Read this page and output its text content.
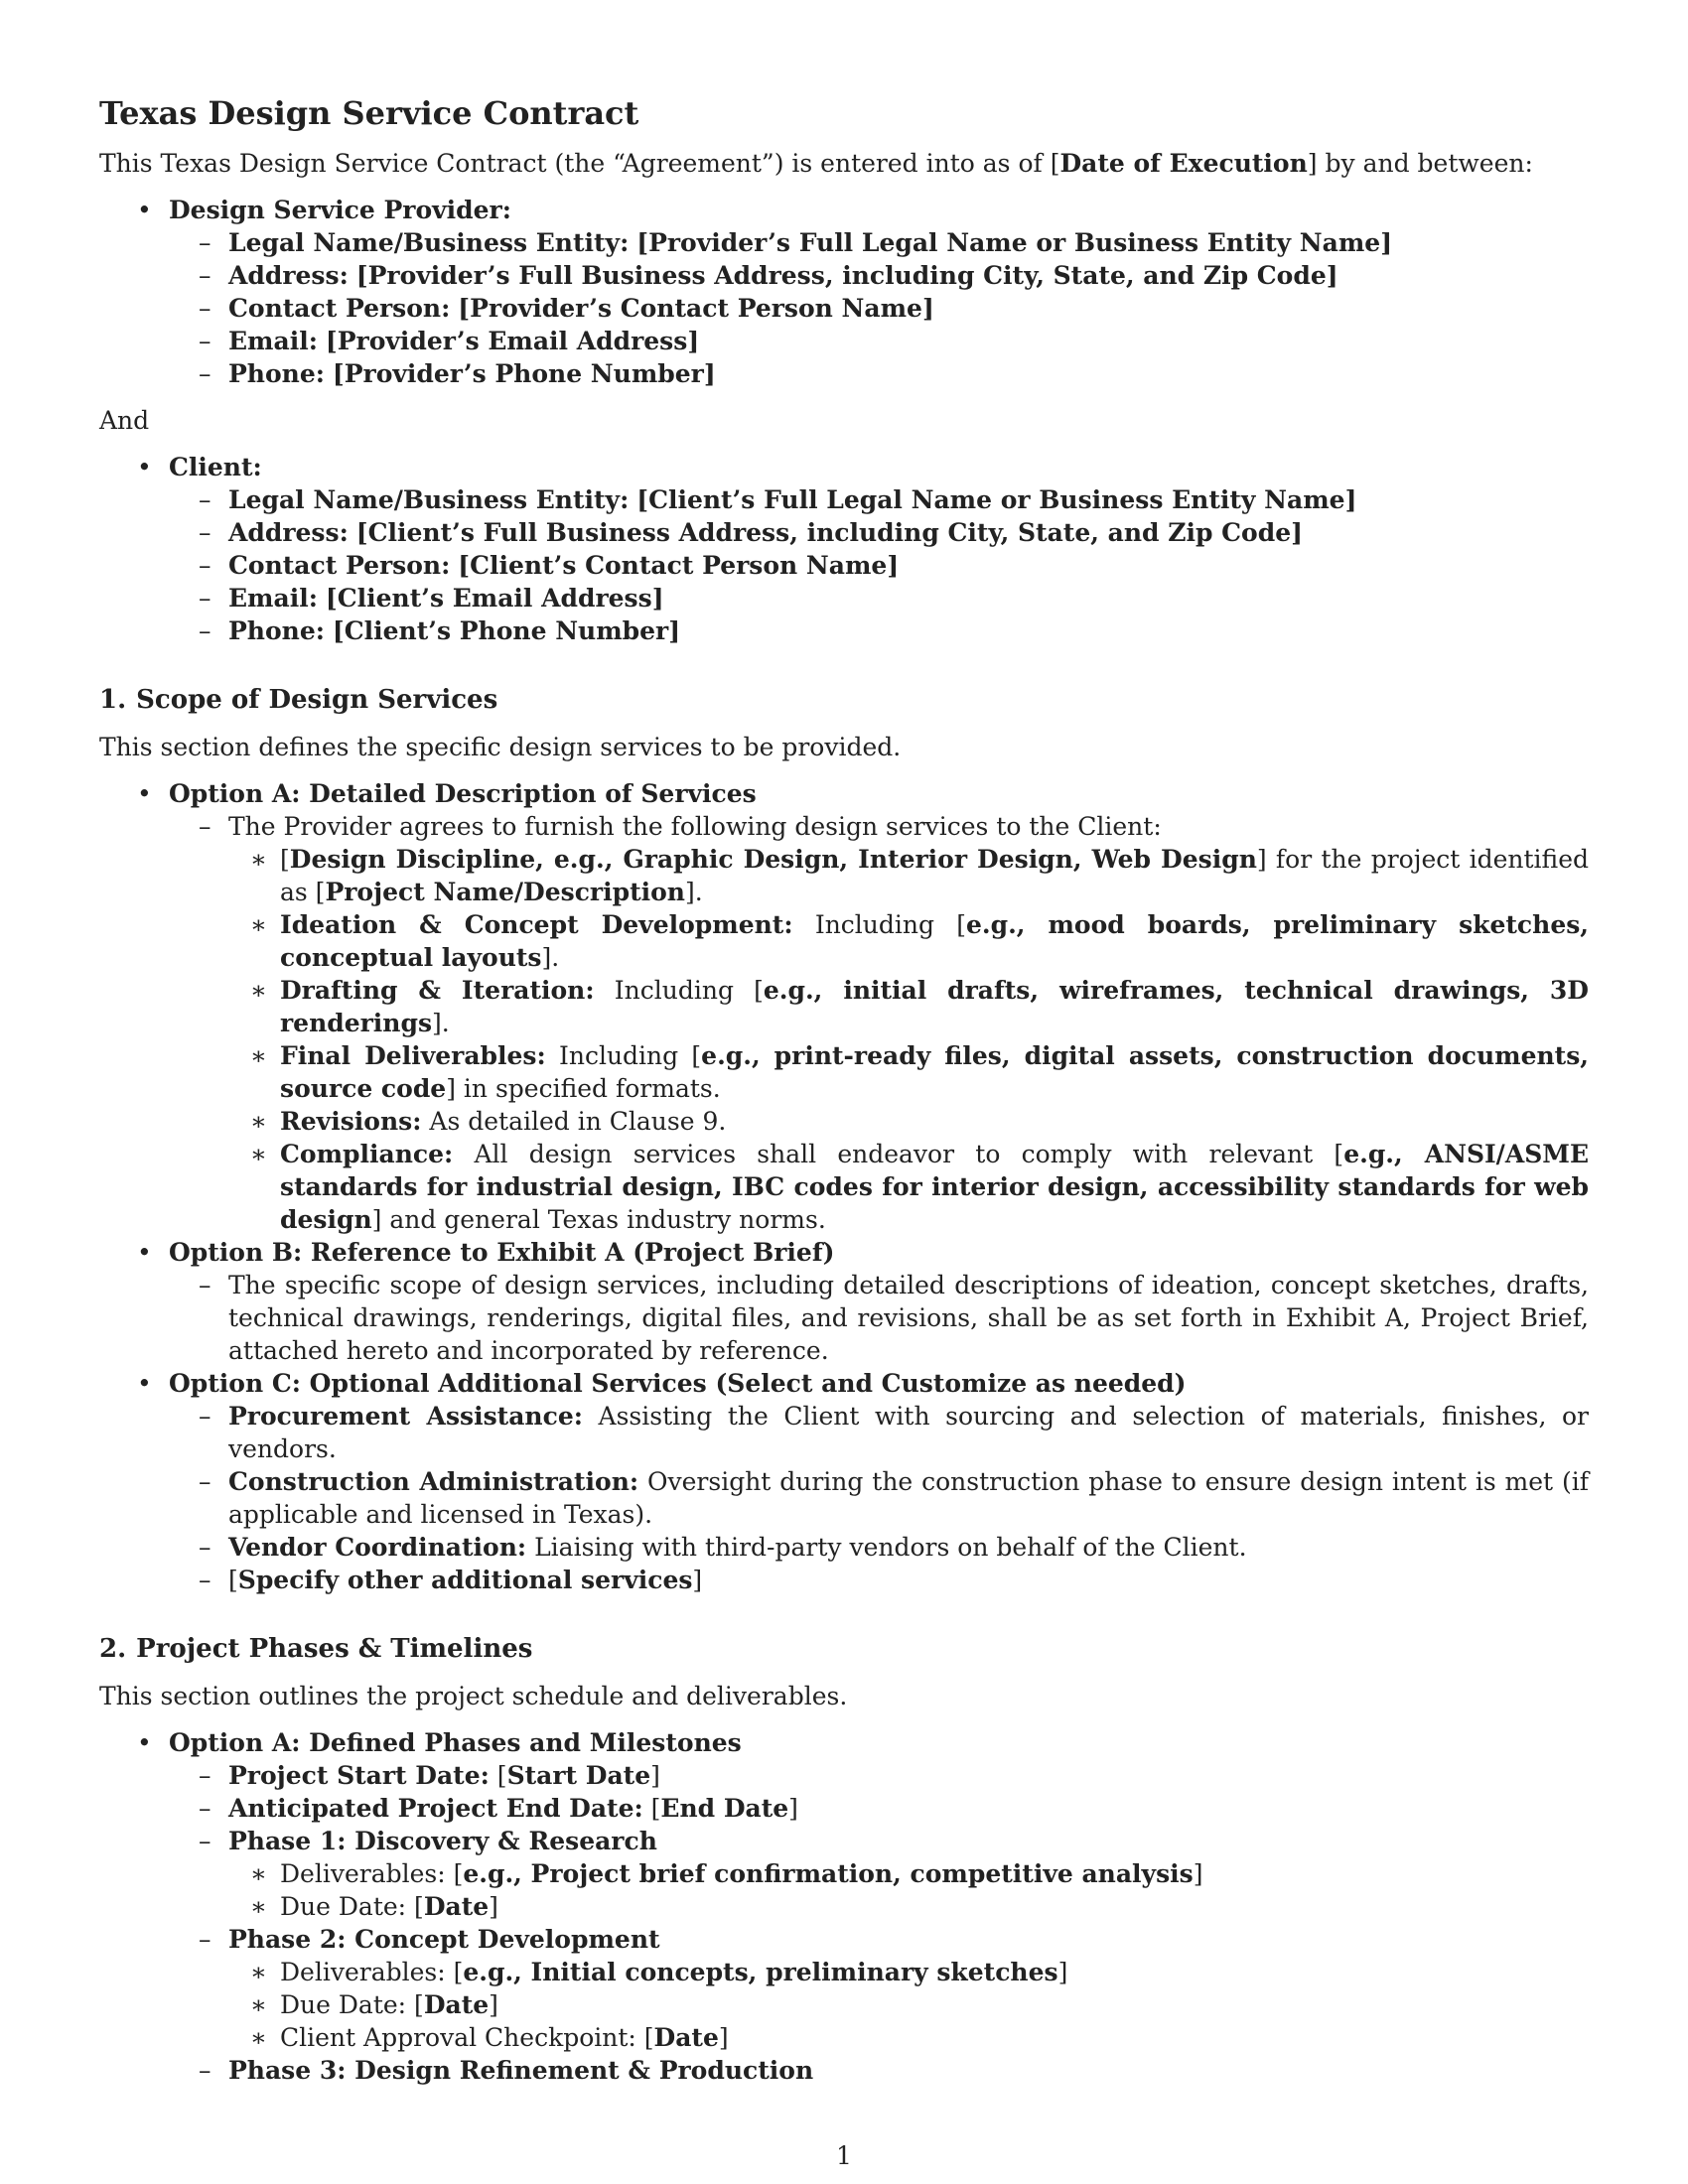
Texas Design Service Contract

This Texas Design Service Contract (the “Agreement”) is entered into as of [Date of Execution] by and between:

• Design Service Provider:
– Legal Name/Business Entity: [Provider’s Full Legal Name or Business Entity Name]
– Address: [Provider’s Full Business Address, including City, State, and Zip Code]
– Contact Person: [Provider’s Contact Person Name]
– Email: [Provider’s Email Address]
– Phone: [Provider’s Phone Number]

And

• Client:
– Legal Name/Business Entity: [Client’s Full Legal Name or Business Entity Name]
– Address: [Client’s Full Business Address, including City, State, and Zip Code]
– Contact Person: [Client’s Contact Person Name]
– Email: [Client’s Email Address]
– Phone: [Client’s Phone Number]
1. Scope of Design Services

This section defines the specific design services to be provided.

• Option A: Detailed Description of Services
– The Provider agrees to furnish the following design services to the Client:
∗ [Design Discipline, e.g., Graphic Design, Interior Design, Web Design] for the project identified as [Project Name/Description].
∗ Ideation & Concept Development: Including [e.g., mood boards, preliminary sketches, conceptual layouts].
∗ Drafting & Iteration: Including [e.g., initial drafts, wireframes, technical drawings, 3D renderings].
∗ Final Deliverables: Including [e.g., print-ready files, digital assets, construction documents, source code] in specified formats.
∗ Revisions: As detailed in Clause 9.
∗ Compliance: All design services shall endeavor to comply with relevant [e.g., ANSI/ASME standards for industrial design, IBC codes for interior design, accessibility standards for web design] and general Texas industry norms.
• Option B: Reference to Exhibit A (Project Brief)
– The specific scope of design services, including detailed descriptions of ideation, concept sketches, drafts, technical drawings, renderings, digital files, and revisions, shall be as set forth in Exhibit A, Project Brief, attached hereto and incorporated by reference.
• Option C: Optional Additional Services (Select and Customize as needed)
– Procurement Assistance: Assisting the Client with sourcing and selection of materials, finishes, or vendors.
– Construction Administration: Oversight during the construction phase to ensure design intent is met (if applicable and licensed in Texas).
– Vendor Coordination: Liaising with third-party vendors on behalf of the Client.
– [Specify other additional services]
2. Project Phases & Timelines

This section outlines the project schedule and deliverables.

• Option A: Defined Phases and Milestones
– Project Start Date: [Start Date]
– Anticipated Project End Date: [End Date]
– Phase 1: Discovery & Research
∗ Deliverables: [e.g., Project brief confirmation, competitive analysis]
∗ Due Date: [Date]
– Phase 2: Concept Development
∗ Deliverables: [e.g., Initial concepts, preliminary sketches]
∗ Due Date: [Date]
∗ Client Approval Checkpoint: [Date]
– Phase 3: Design Refinement & Production
1
